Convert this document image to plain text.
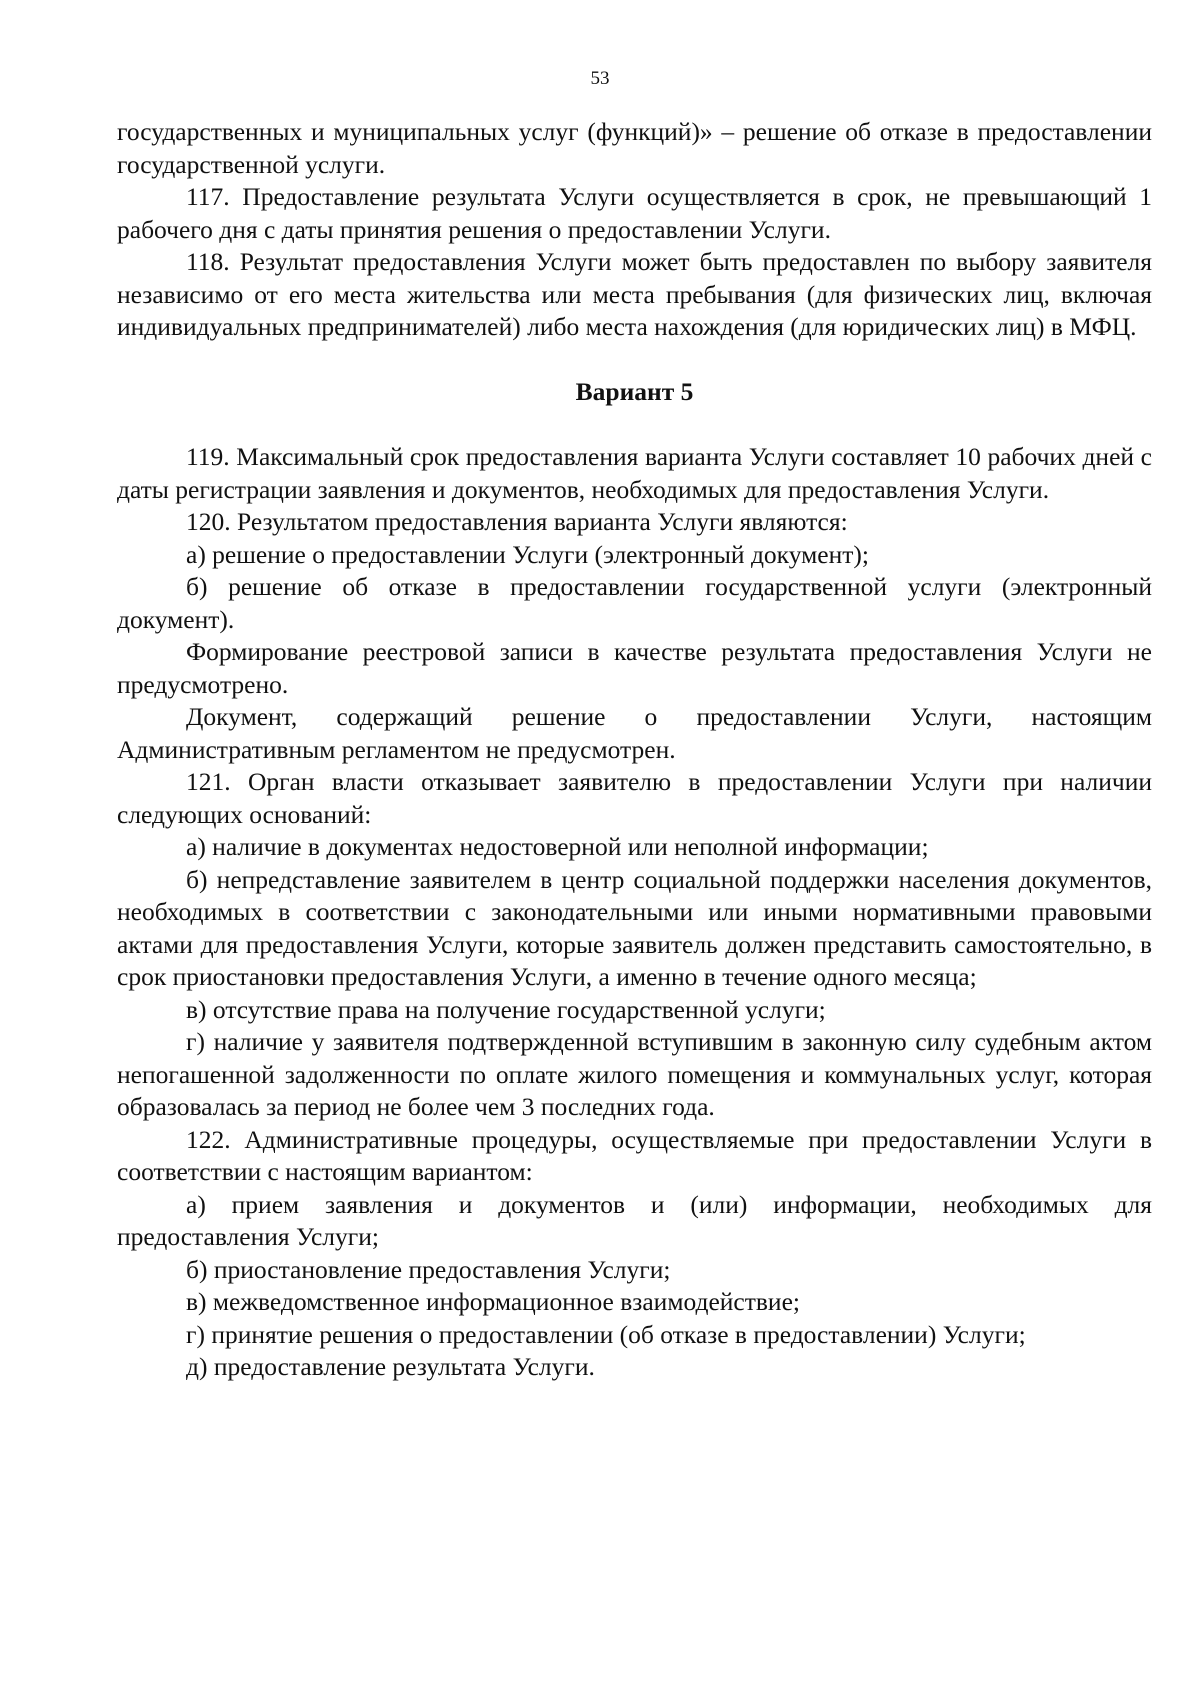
53

государственных и муниципальных услуг (функций)» – решение об отказе в предоставлении государственной услуги.

117. Предоставление результата Услуги осуществляется в срок, не превышающий 1 рабочего дня с даты принятия решения о предоставлении Услуги.

118. Результат предоставления Услуги может быть предоставлен по выбору заявителя независимо от его места жительства или места пребывания (для физических лиц, включая индивидуальных предпринимателей) либо места нахождения (для юридических лиц) в МФЦ.

Вариант 5

119. Максимальный срок предоставления варианта Услуги составляет 10 рабочих дней с даты регистрации заявления и документов, необходимых для предоставления Услуги.

120. Результатом предоставления варианта Услуги являются:

а) решение о предоставлении Услуги (электронный документ);

б) решение об отказе в предоставлении государственной услуги (электронный документ).

Формирование реестровой записи в качестве результата предоставления Услуги не предусмотрено.

Документ, содержащий решение о предоставлении Услуги, настоящим Административным регламентом не предусмотрен.

121. Орган власти отказывает заявителю в предоставлении Услуги при наличии следующих оснований:

а) наличие в документах недостоверной или неполной информации;

б) непредставление заявителем в центр социальной поддержки населения документов, необходимых в соответствии с законодательными или иными нормативными правовыми актами для предоставления Услуги, которые заявитель должен представить самостоятельно, в срок приостановки предоставления Услуги, а именно в течение одного месяца;

в) отсутствие права на получение государственной услуги;

г) наличие у заявителя подтвержденной вступившим в законную силу судебным актом непогашенной задолженности по оплате жилого помещения и коммунальных услуг, которая образовалась за период не более чем 3 последних года.

122. Административные процедуры, осуществляемые при предоставлении Услуги в соответствии с настоящим вариантом:

а) прием заявления и документов и (или) информации, необходимых для предоставления Услуги;

б) приостановление предоставления Услуги;

в) межведомственное информационное взаимодействие;

г) принятие решения о предоставлении (об отказе в предоставлении) Услуги;

д) предоставление результата Услуги.
